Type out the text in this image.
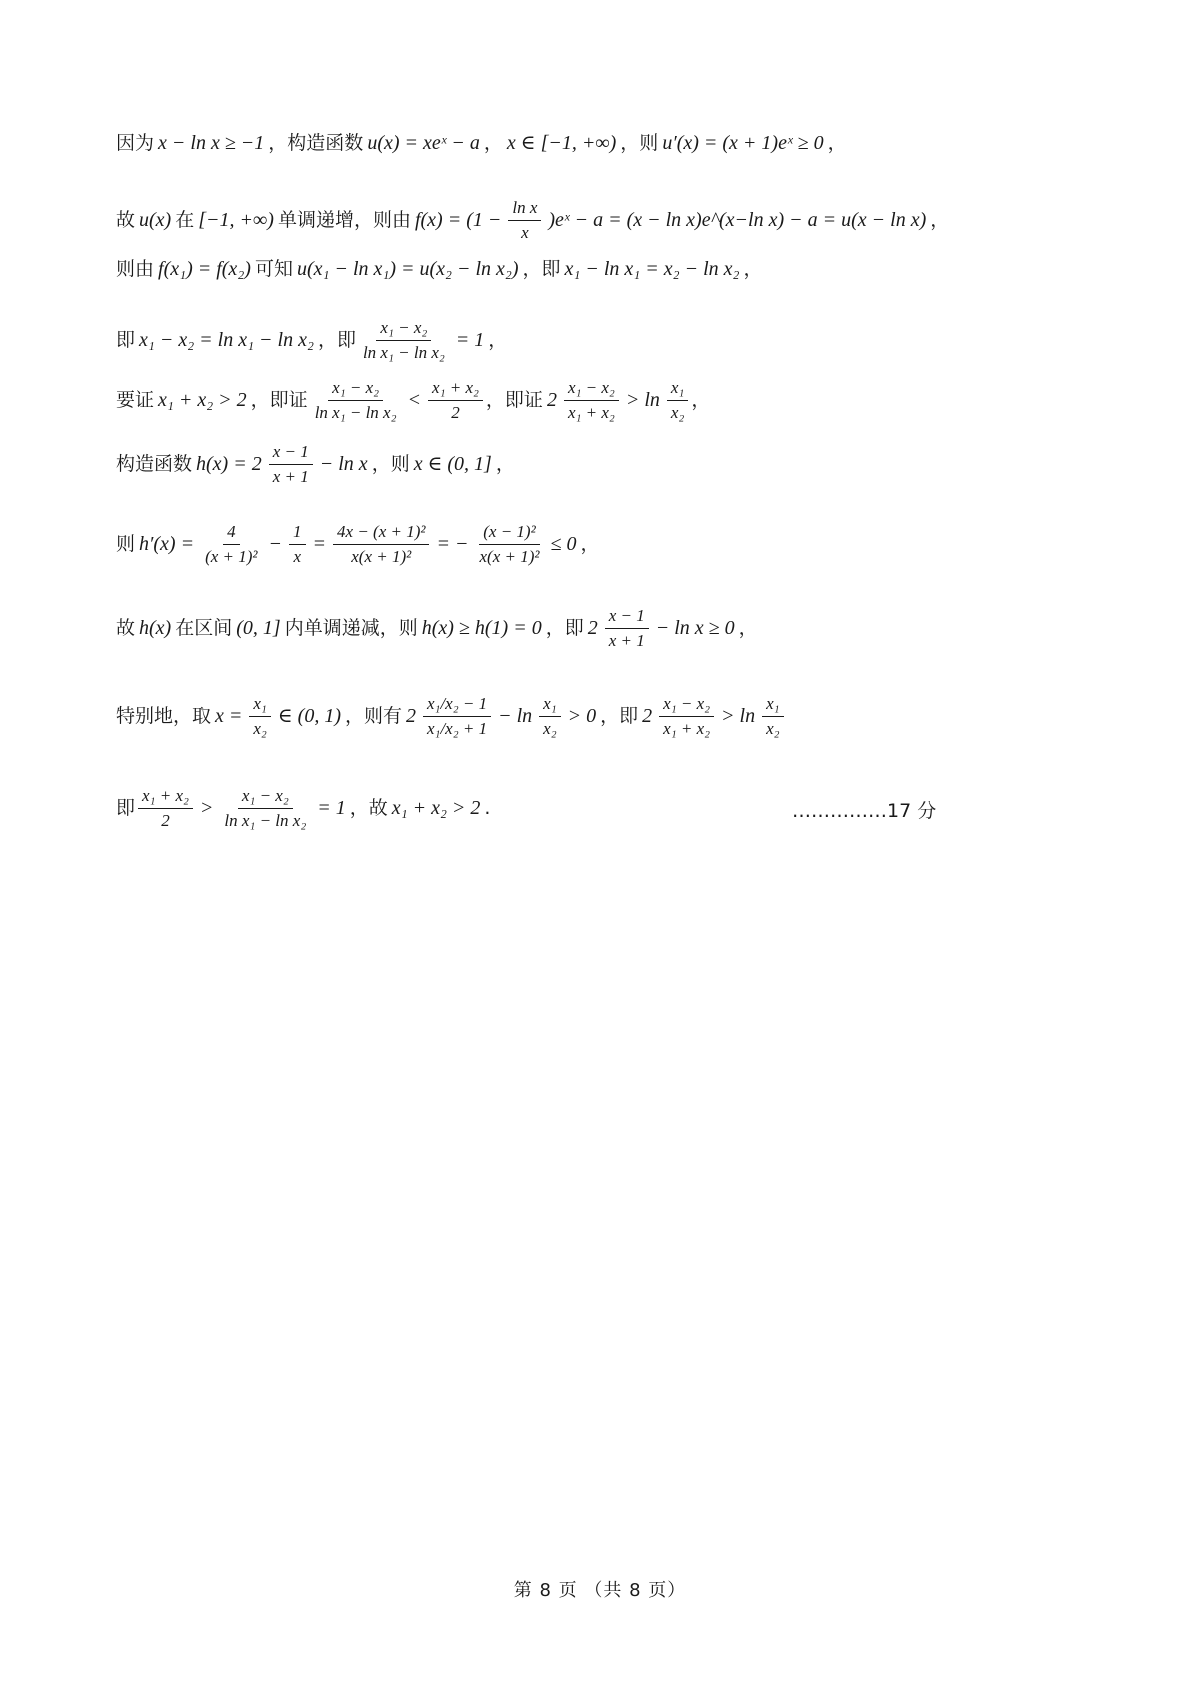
因为 x − ln x ≥ −1 ，构造函数 u(x) = xeˣ − a ， x ∈ [−1, +∞) ，则 u′(x) = (x + 1)eˣ ≥ 0 ，
故 u(x) 在 [−1, +∞) 单调递增，则由 $f(x) = (1 - \frac{\text{ln x}}{x}$ )eˣ − a = (x − ln x)e^(x−ln x) − a = u(x − ln x) ，
则由 f(x₁) = f(x₂) 可知 u(x₁ − ln x₁) = u(x₂ − ln x₂) ，即 x₁ − ln x₁ = x₂ − ln x₂ ，
即 x₁ − x₂ = ln x₁ − ln x₂ ，即 $\frac{\text{x₁ − x₂}}{\text{ln x₁ − ln x₂}} = 1$ ，
要证 x₁ + x₂ > 2 ，即证 $\frac{\text{x₁ − x₂}}{\text{ln x₁ − ln x₂}} < \frac{\text{x₁ + x₂}}{2}$ ，即证 $2 \frac{\text{x₁ − x₂}}{\text{x₁ + x₂}} > \ln \frac{\text{x₁}}{\text{x₂}}$ ，
构造函数 $h(x) = 2 \frac{x - 1}{x + 1} - \ln x$ ，则 x ∈ (0, 1] ，
则 $h'(x) = \frac{4}{\text{(x + 1)²}} - \frac{1}{x} = \frac{\text{4x − (x + 1)²}}{\text{x(x + 1)²}}$ = − $\frac{\text{(x − 1)²}}{\text{x(x + 1)²}} \le 0$ ，
故 h(x) 在区间 (0, 1] 内单调递减，则 h(x) ≥ h(1) = 0 ，即 $2 \frac{x - 1}{x + 1} - \ln x \ge 0$ ，
特别地，取 $x = \frac{\text{x₁}}{\text{x₂}}$ ∈ (0, 1) ，则有 $2 \frac{\text{x₁/x₂ − 1}}{\text{x₁/x₂ + 1}} - \ln \frac{\text{x₁}}{\text{x₂}} > 0$ ，即 $2 \frac{\text{x₁ − x₂}}{\text{x₁ + x₂}} > \ln \frac{\text{x₁}}{\text{x₂}}$
即 $\frac{\text{x₁ + x₂}}{2} > \frac{\text{x₁ − x₂}}{\text{ln x₁ − ln x₂}} = 1$ ，故 x₁ + x₂ > 2 .	……………17 分
第 8 页 （共 8 页）
